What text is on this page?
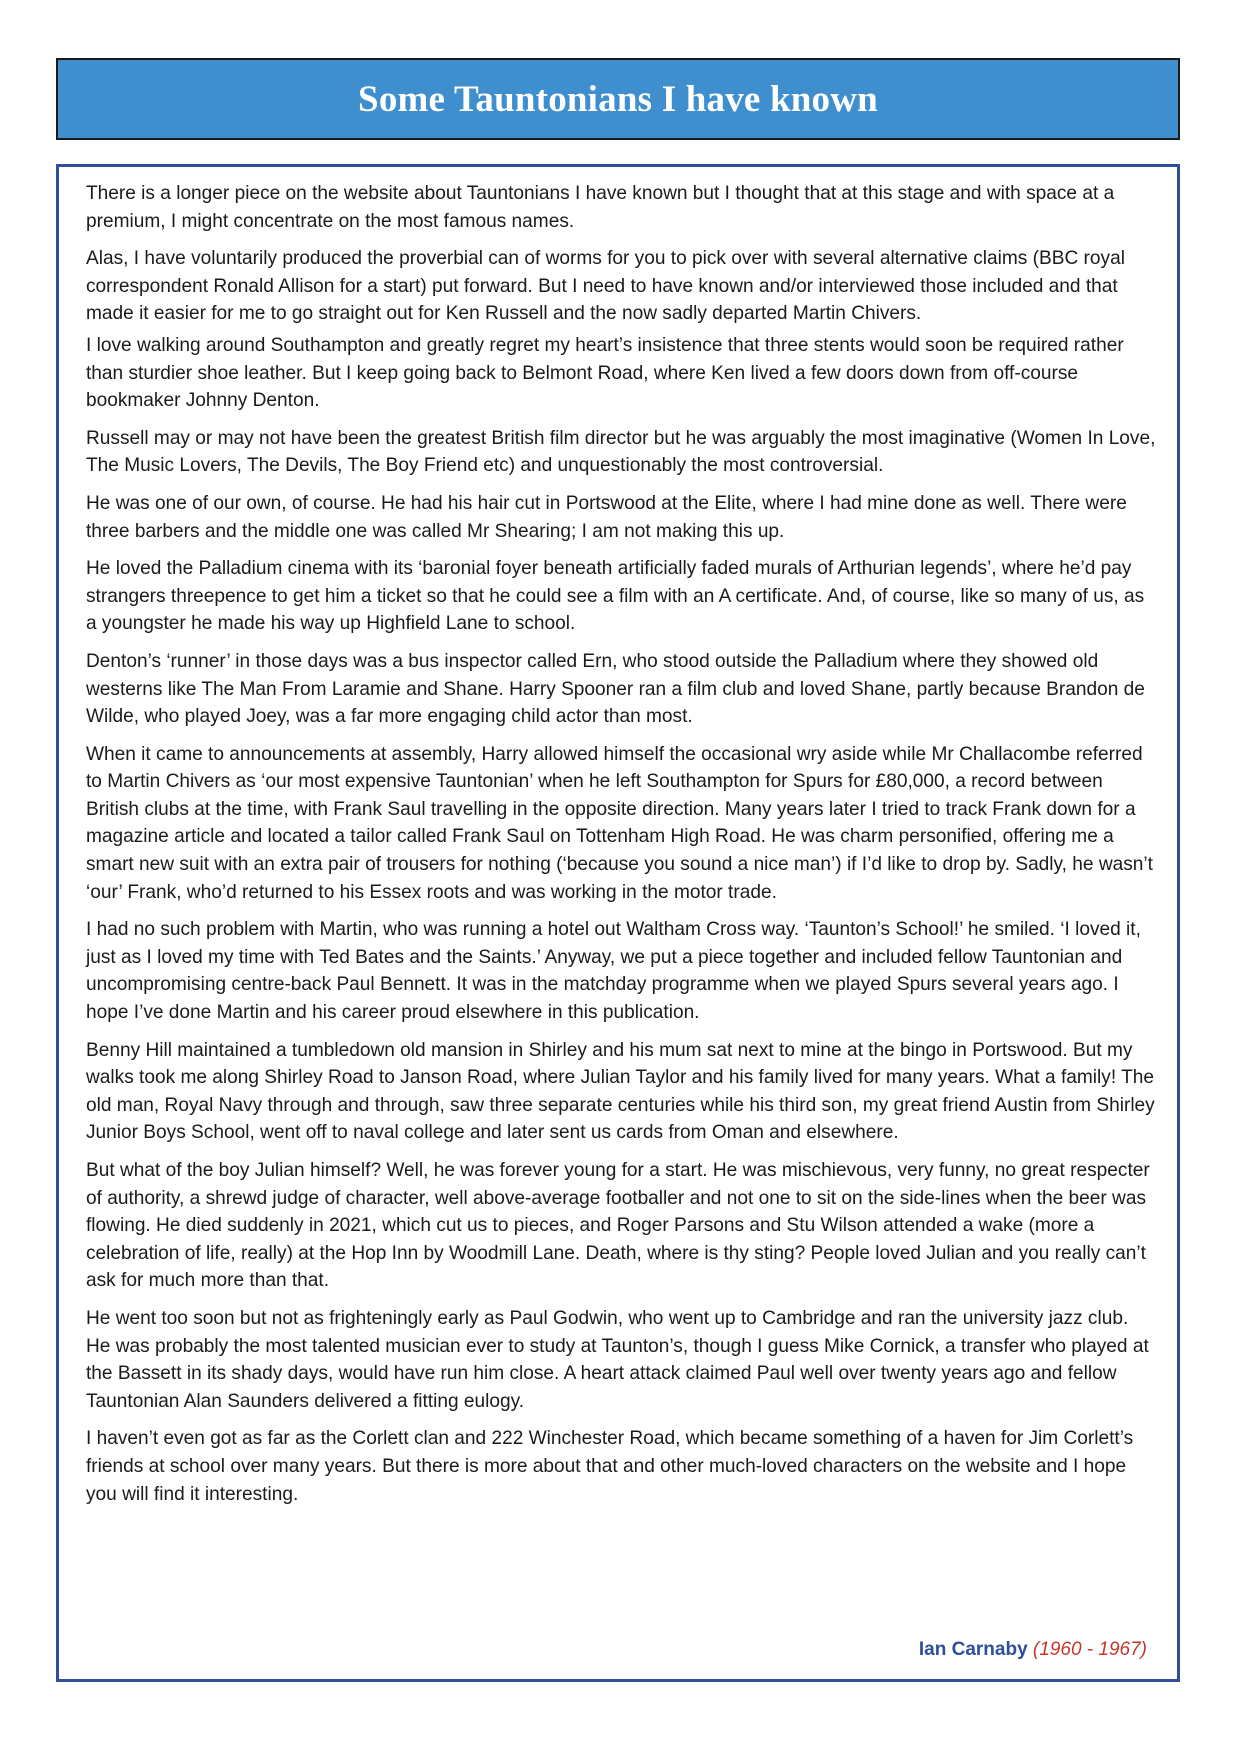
Some Tauntonians I have known

There is a longer piece on the website about Tauntonians I have known but I thought that at this stage and with space at a premium, I might concentrate on the most famous names.

Alas, I have voluntarily produced the proverbial can of worms for you to pick over with several alternative claims (BBC royal correspondent Ronald Allison for a start) put forward. But I need to have known and/or interviewed those included and that made it easier for me to go straight out for Ken Russell and the now sadly departed Martin Chivers.

I love walking around Southampton and greatly regret my heart’s insistence that three stents would soon be required rather than sturdier shoe leather. But I keep going back to Belmont Road, where Ken lived a few doors down from off-course bookmaker Johnny Denton.

Russell may or may not have been the greatest British film director but he was arguably the most imaginative (Women In Love, The Music Lovers, The Devils, The Boy Friend etc) and unquestionably the most controversial.

He was one of our own, of course. He had his hair cut in Portswood at the Elite, where I had mine done as well. There were three barbers and the middle one was called Mr Shearing; I am not making this up.

He loved the Palladium cinema with its ‘baronial foyer beneath artificially faded murals of Arthurian legends’, where he’d pay strangers threepence to get him a ticket so that he could see a film with an A certificate. And, of course, like so many of us, as a youngster he made his way up Highfield Lane to school.

Denton’s ‘runner’ in those days was a bus inspector called Ern, who stood outside the Palladium where they showed old westerns like The Man From Laramie and Shane. Harry Spooner ran a film club and loved Shane, partly because Brandon de Wilde, who played Joey, was a far more engaging child actor than most.

When it came to announcements at assembly, Harry allowed himself the occasional wry aside while Mr Challacombe referred to Martin Chivers as ‘our most expensive Tauntonian’ when he left Southampton for Spurs for £80,000, a record between British clubs at the time, with Frank Saul travelling in the opposite direction. Many years later I tried to track Frank down for a magazine article and located a tailor called Frank Saul on Tottenham High Road. He was charm personified, offering me a smart new suit with an extra pair of trousers for nothing (‘because you sound a nice man’) if I’d like to drop by. Sadly, he wasn’t ‘our’ Frank, who’d returned to his Essex roots and was working in the motor trade.

I had no such problem with Martin, who was running a hotel out Waltham Cross way. ‘Taunton’s School!’ he smiled. ‘I loved it, just as I loved my time with Ted Bates and the Saints.’ Anyway, we put a piece together and included fellow Tauntonian and uncompromising centre-back Paul Bennett. It was in the matchday programme when we played Spurs several years ago. I hope I’ve done Martin and his career proud elsewhere in this publication.

Benny Hill maintained a tumbledown old mansion in Shirley and his mum sat next to mine at the bingo in Portswood. But my walks took me along Shirley Road to Janson Road, where Julian Taylor and his family lived for many years. What a family! The old man, Royal Navy through and through, saw three separate centuries while his third son, my great friend Austin from Shirley Junior Boys School, went off to naval college and later sent us cards from Oman and elsewhere.

But what of the boy Julian himself? Well, he was forever young for a start. He was mischievous, very funny, no great respecter of authority, a shrewd judge of character, well above-average footballer and not one to sit on the side-lines when the beer was flowing. He died suddenly in 2021, which cut us to pieces, and Roger Parsons and Stu Wilson attended a wake (more a celebration of life, really) at the Hop Inn by Woodmill Lane. Death, where is thy sting? People loved Julian and you really can’t ask for much more than that.

He went too soon but not as frighteningly early as Paul Godwin, who went up to Cambridge and ran the university jazz club. He was probably the most talented musician ever to study at Taunton’s, though I guess Mike Cornick, a transfer who played at the Bassett in its shady days, would have run him close. A heart attack claimed Paul well over twenty years ago and fellow Tauntonian Alan Saunders delivered a fitting eulogy.

I haven’t even got as far as the Corlett clan and 222 Winchester Road, which became something of a haven for Jim Corlett’s friends at school over many years. But there is more about that and other much-loved characters on the website and I hope you will find it interesting.

Ian Carnaby (1960 - 1967)
